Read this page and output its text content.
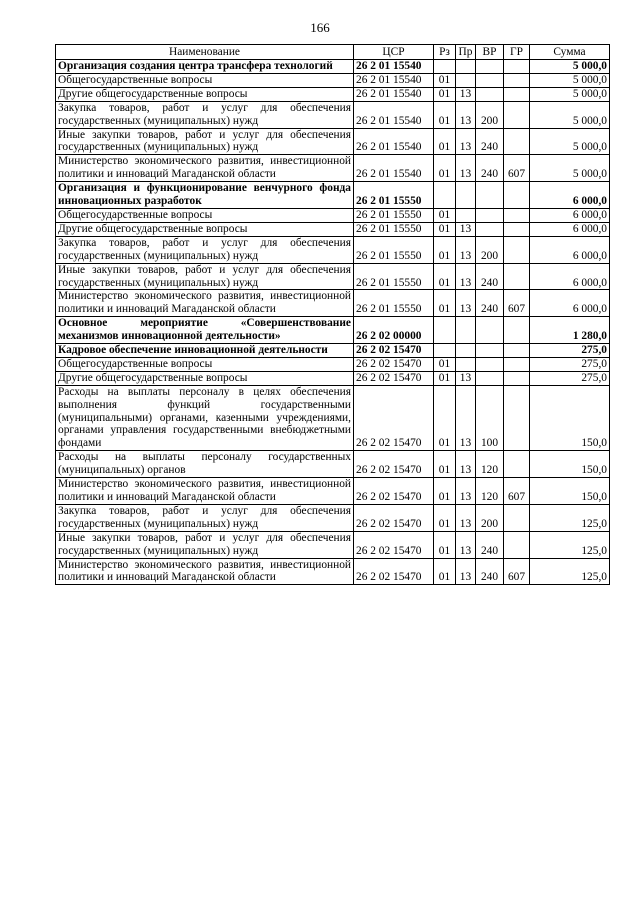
166
Наименование	ЦСР	Рз	Пр	ВР	ГР	Сумма
Организация создания центра трансфера технологий	26 2 01 15540					5 000,0
Общегосударственные вопросы	26 2 01 15540	01				5 000,0
Другие общегосударственные вопросы	26 2 01 15540	01	13			5 000,0
Закупка товаров, работ и услуг для обеспечения государственных (муниципальных) нужд	26 2 01 15540	01	13	200		5 000,0
Иные закупки товаров, работ и услуг для обеспечения государственных (муниципальных) нужд	26 2 01 15540	01	13	240		5 000,0
Министерство экономического развития, инвестиционной политики и инноваций Магаданской области	26 2 01 15540	01	13	240	607	5 000,0
Организация и функционирование венчурного фонда инновационных разработок	26 2 01 15550					6 000,0
Общегосударственные вопросы	26 2 01 15550	01				6 000,0
Другие общегосударственные вопросы	26 2 01 15550	01	13			6 000,0
Закупка товаров, работ и услуг для обеспечения государственных (муниципальных) нужд	26 2 01 15550	01	13	200		6 000,0
Иные закупки товаров, работ и услуг для обеспечения государственных (муниципальных) нужд	26 2 01 15550	01	13	240		6 000,0
Министерство экономического развития, инвестиционной политики и инноваций Магаданской области	26 2 01 15550	01	13	240	607	6 000,0
Основное мероприятие «Совершенствование механизмов инновационной деятельности»	26 2 02 00000					1 280,0
Кадровое обеспечение инновационной деятельности	26 2 02 15470					275,0
Общегосударственные вопросы	26 2 02 15470	01				275,0
Другие общегосударственные вопросы	26 2 02 15470	01	13			275,0
Расходы на выплаты персоналу в целях обеспечения выполнения функций государственными (муниципальными) органами, казенными учреждениями, органами управления государственными внебюджетными фондами	26 2 02 15470	01	13	100		150,0
Расходы на выплаты персоналу государственных (муниципальных) органов	26 2 02 15470	01	13	120		150,0
Министерство экономического развития, инвестиционной политики и инноваций Магаданской области	26 2 02 15470	01	13	120	607	150,0
Закупка товаров, работ и услуг для обеспечения государственных (муниципальных) нужд	26 2 02 15470	01	13	200		125,0
Иные закупки товаров, работ и услуг для обеспечения государственных (муниципальных) нужд	26 2 02 15470	01	13	240		125,0
Министерство экономического развития, инвестиционной политики и инноваций Магаданской области	26 2 02 15470	01	13	240	607	125,0
